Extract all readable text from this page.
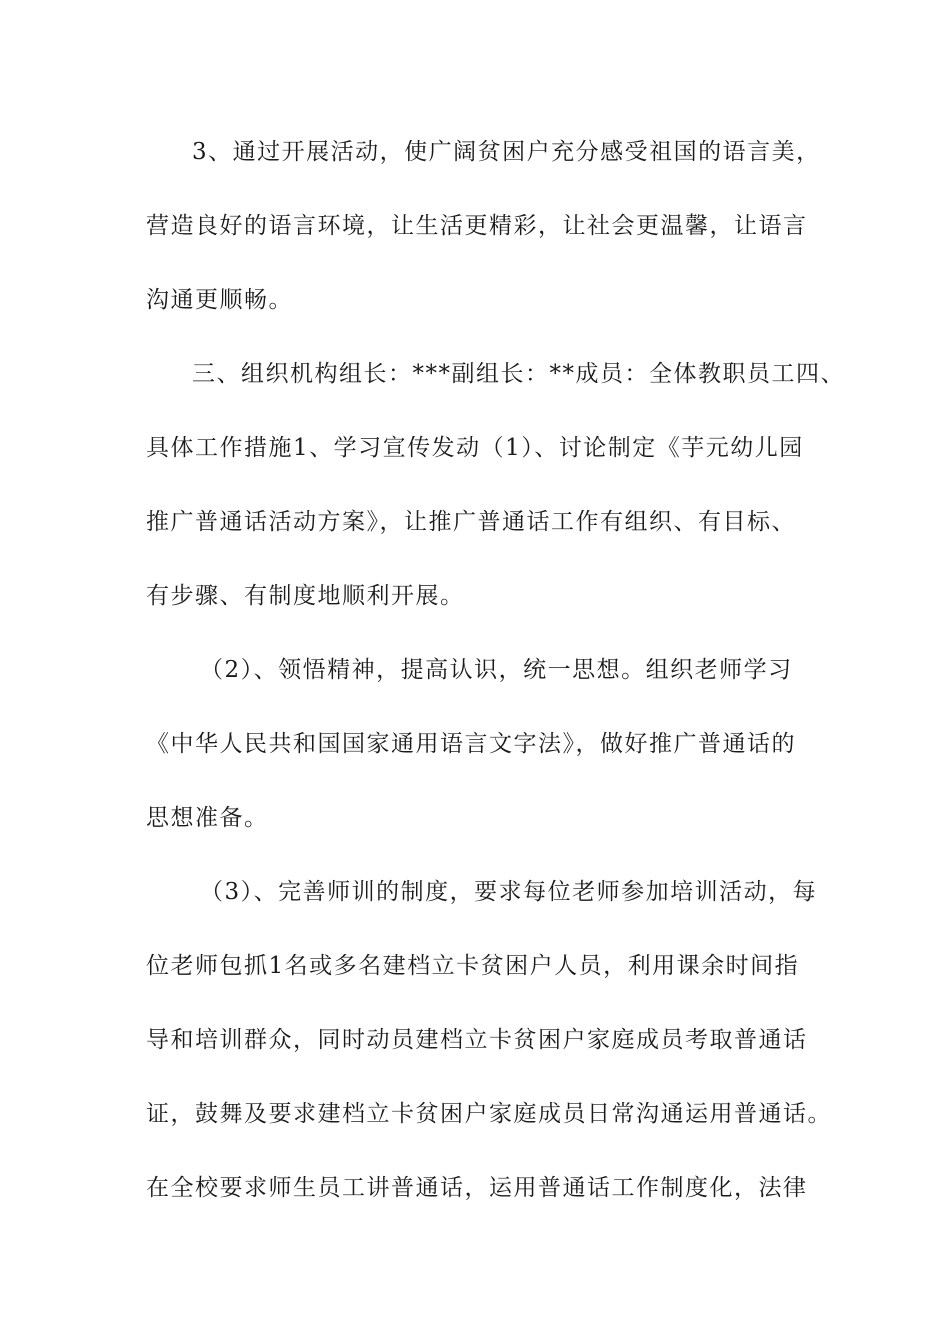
3、通过开展活动，使广阔贫困户充分感受祖国的语言美，
营造良好的语言环境，让生活更精彩，让社会更温馨，让语言
沟通更顺畅。
三、组织机构组长：***副组长：**成员：全体教职员工四、
具体工作措施1、学习宣传发动（1）、讨论制定《芋元幼儿园
推广普通话活动方案》，让推广普通话工作有组织、有目标、
有步骤、有制度地顺利开展。
（2）、领悟精神，提高认识，统一思想。组织老师学习
《中华人民共和国国家通用语言文字法》，做好推广普通话的
思想准备。
（3）、完善师训的制度，要求每位老师参加培训活动，每
位老师包抓1名或多名建档立卡贫困户人员，利用课余时间指
导和培训群众，同时动员建档立卡贫困户家庭成员考取普通话
证，鼓舞及要求建档立卡贫困户家庭成员日常沟通运用普通话。
在全校要求师生员工讲普通话，运用普通话工作制度化，法律
